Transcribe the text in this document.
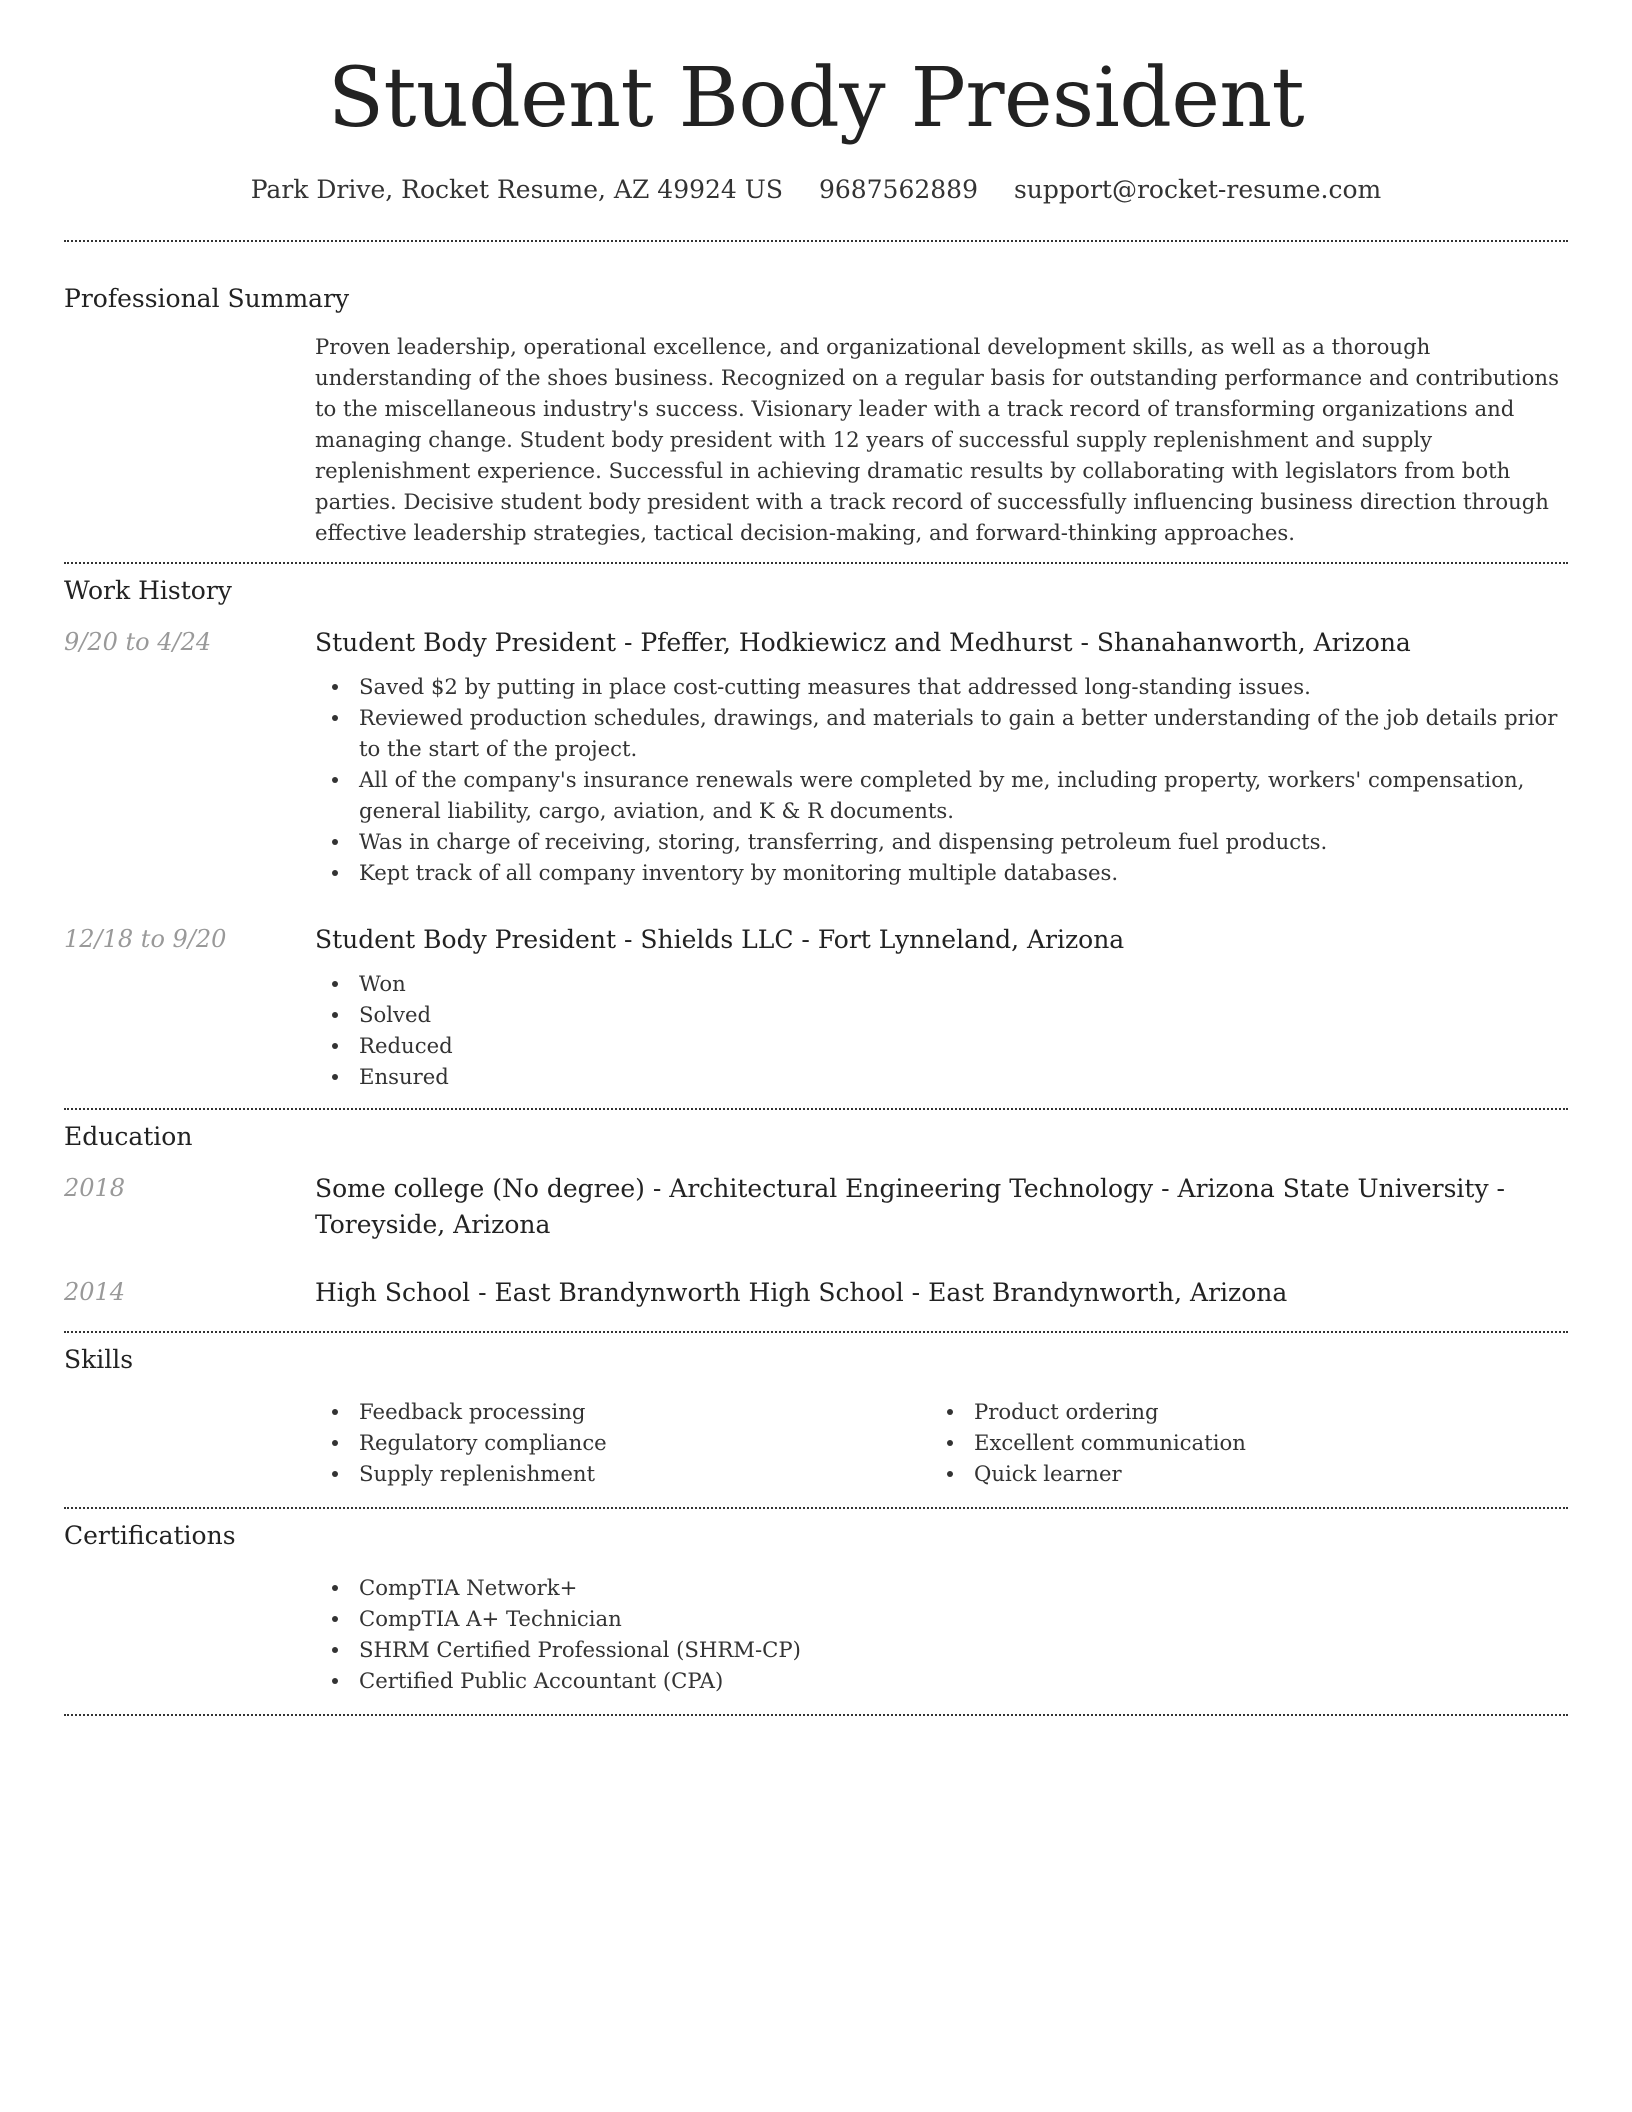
Student Body President
Park Drive, Rocket Resume, AZ 49924 US 9687562889 support@rocket-resume.com
Professional Summary

Proven leadership, operational excellence, and organizational development skills, as well as a thorough understanding of the shoes business. Recognized on a regular basis for outstanding performance and contributions to the miscellaneous industry's success. Visionary leader with a track record of transforming organizations and managing change. Student body president with 12 years of successful supply replenishment and supply replenishment experience. Successful in achieving dramatic results by collaborating with legislators from both parties. Decisive student body president with a track record of successfully influencing business direction through effective leadership strategies, tactical decision-making, and forward-thinking approaches.

Work History
9/20 to 4/24	Student Body President - Pfeffer, Hodkiewicz and Medhurst - Shanahanworth, Arizona
Saved $2 by putting in place cost-cutting measures that addressed long-standing issues.
Reviewed production schedules, drawings, and materials to gain a better understanding of the job details prior to the start of the project.
All of the company's insurance renewals were completed by me, including property, workers' compensation, general liability, cargo, aviation, and K & R documents.
Was in charge of receiving, storing, transferring, and dispensing petroleum fuel products.
Kept track of all company inventory by monitoring multiple databases.
12/18 to 9/20	Student Body President - Shields LLC - Fort Lynneland, Arizona
Won
Solved
Reduced
Ensured
Education
2018	Some college (No degree) - Architectural Engineering Technology - Arizona State University - Toreyside, Arizona
2014	High School - East Brandynworth High School - East Brandynworth, Arizona
Skills
Feedback processing
Regulatory compliance
Supply replenishment
Product ordering
Excellent communication
Quick learner
Certifications
CompTIA Network+
CompTIA A+ Technician
SHRM Certified Professional (SHRM-CP)
Certified Public Accountant (CPA)
